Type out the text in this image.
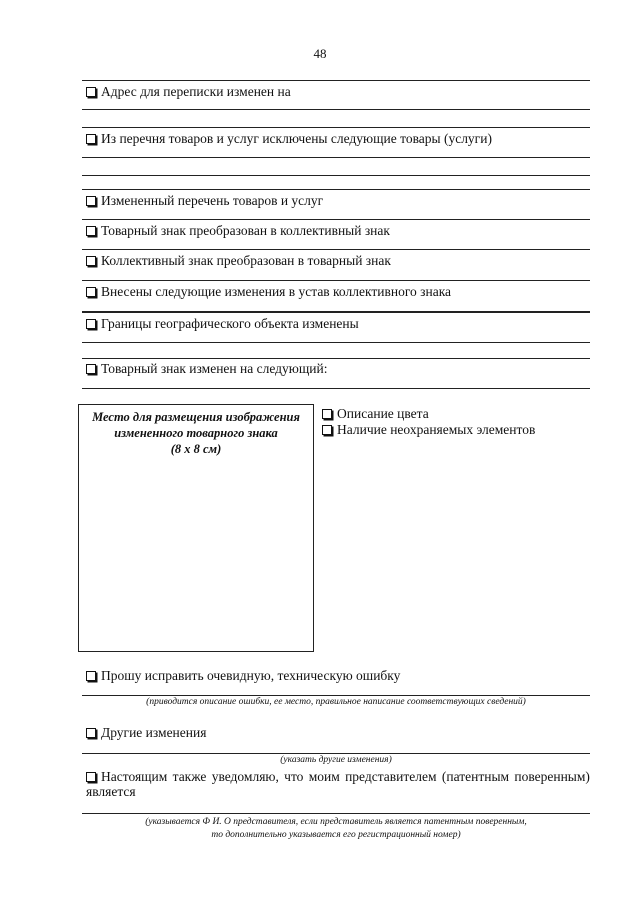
48
Адрес для переписки изменен на
Из перечня товаров и услуг исключены следующие товары (услуги)
Измененный перечень товаров и услуг
Товарный знак преобразован в коллективный знак
Коллективный знак преобразован в товарный знак
Внесены следующие изменения в устав коллективного знака
Границы географического объекта изменены
Товарный знак изменен на следующий:
Место для размещения изображения
измененного товарного знака
(8 х 8 см)
Описание цвета
Наличие неохраняемых элементов
Прошу исправить очевидную, техническую ошибку
(приводится описание ошибки, ее место, правильное написание соответствующих сведений)
Другие изменения
(указать другие изменения)
Настоящим также уведомляю, что моим представителем (патентным поверенным)
является
(указывается Ф И. О представителя, если представитель является патентным поверенным,
то дополнительно указывается его регистрационный номер)
